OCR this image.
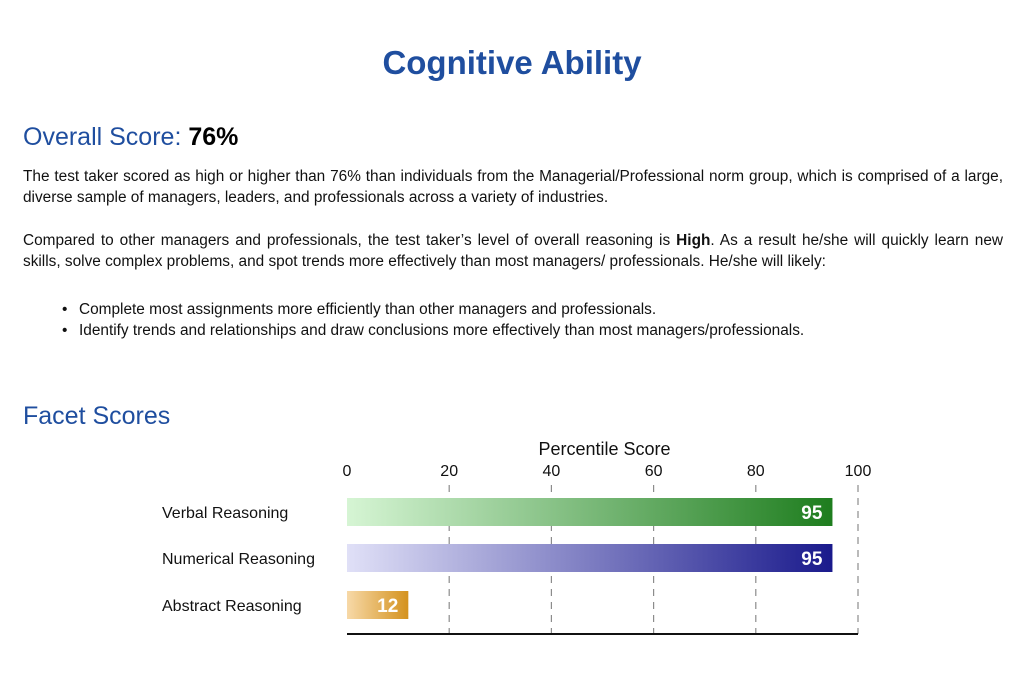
Cognitive Ability
Overall Score: 76%

The test taker scored as high or higher than 76% than individuals from the Managerial/Professional norm group, which is comprised of a large, diverse sample of managers, leaders, and professionals across a variety of industries.

Compared to other managers and professionals, the test taker’s level of overall reasoning is High. As a result he/she will quickly learn new skills, solve complex problems, and spot trends more effectively than most managers/ professionals. He/she will likely:

• Complete most assignments more efficiently than other managers and professionals.
• Identify trends and relationships and draw conclusions more effectively than most managers/professionals.
Facet Scores
95
95
12
Verbal Reasoning
Numerical Reasoning
Abstract Reasoning
0	20	40	60	80	100
Percentile Score
